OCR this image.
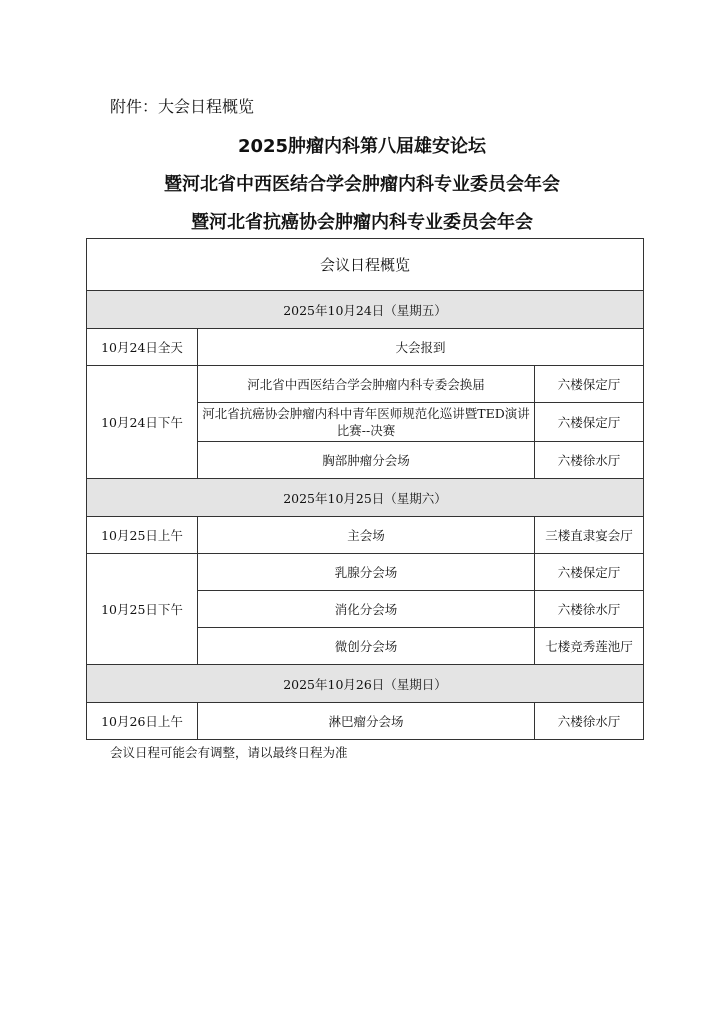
附件：大会日程概览
2025肿瘤内科第八届雄安论坛
暨河北省中西医结合学会肿瘤内科专业委员会年会
暨河北省抗癌协会肿瘤内科专业委员会年会
会议日程概览		
2025年10月24日（星期五）		
10月24日全天	大会报到	
10月24日下午	河北省中西医结合学会肿瘤内科专委会换届	六楼保定厅
	河北省抗癌协会肿瘤内科中青年医师规范化巡讲暨TED演讲比赛--决赛	六楼保定厅
	胸部肿瘤分会场	六楼徐水厅
2025年10月25日（星期六）		
10月25日上午	主会场	三楼直隶宴会厅
10月25日下午	乳腺分会场	六楼保定厅
	消化分会场	六楼徐水厅
	微创分会场	七楼竞秀莲池厅
2025年10月26日（星期日）		
10月26日上午	淋巴瘤分会场	六楼徐水厅
会议日程可能会有调整，请以最终日程为准
